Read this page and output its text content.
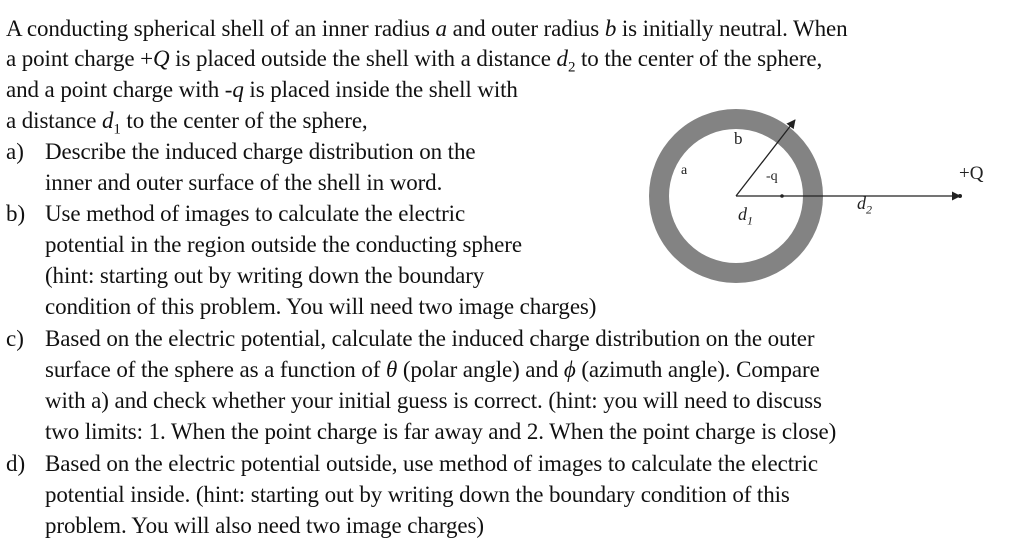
A conducting spherical shell of an inner radius a and outer radius b is initially neutral. When
a point charge +Q is placed outside the shell with a distance $d_2$ to the center of the sphere,
and a point charge with -q is placed inside the shell with
a distance $d_1$ to the center of the sphere,
a) Describe the induced charge distribution on the
inner and outer surface of the shell in word.
b) Use method of images to calculate the electric
potential in the region outside the conducting sphere
(hint: starting out by writing down the boundary
condition of this problem. You will need two image charges)
c) Based on the electric potential, calculate the induced charge distribution on the outer
surface of the sphere as a function of θ (polar angle) and ϕ (azimuth angle). Compare
with a) and check whether your initial guess is correct. (hint: you will need to discuss
two limits: 1. When the point charge is far away and 2. When the point charge is close)
d) Based on the electric potential outside, use method of images to calculate the electric
potential inside. (hint: starting out by writing down the boundary condition of this
problem. You will also need two image charges)
a
b
-q	+Q
$d_1$
$d_2$
